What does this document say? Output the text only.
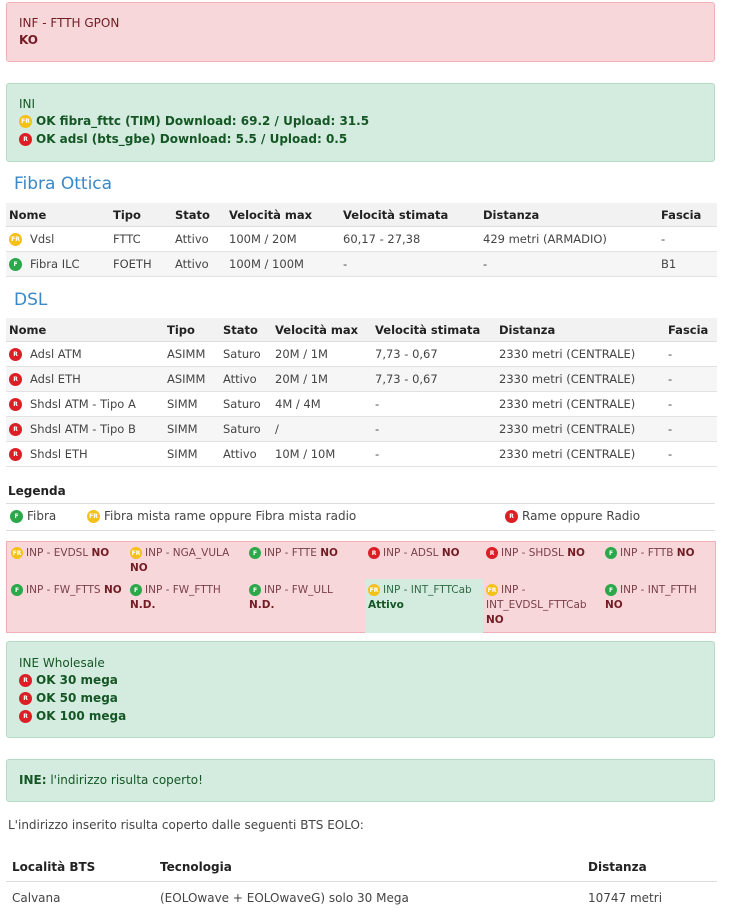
INF - FTTH GPON
KO
INI
FR OK fibra_fttc (TIM) Download: 69.2 / Upload: 31.5
R OK adsl (bts_gbe) Download: 5.5 / Upload: 0.5
Fibra Ottica
Nome	Tipo	Stato	Velocità max	Velocità stimata	Distanza	Fascia

FR Vdsl	FTTC	Attivo	100M / 20M	60,17 - 27,38	429 metri (ARMADIO)	-

F Fibra ILC	FOETH	Attivo	100M / 100M	-	-	B1
DSL
Nome	Tipo	Stato	Velocità max	Velocità stimata	Distanza	Fascia

R Adsl ATM	ASIMM	Saturo	20M / 1M	7,73 - 0,67	2330 metri (CENTRALE)	-

R Adsl ETH	ASIMM	Attivo	20M / 1M	7,73 - 0,67	2330 metri (CENTRALE)	-

R Shdsl ATM - Tipo A	SIMM	Saturo	4M / 4M	-	2330 metri (CENTRALE)	-

R Shdsl ATM - Tipo B	SIMM	Saturo	/	-	2330 metri (CENTRALE)	-

R Shdsl ETH	SIMM	Attivo	10M / 10M	-	2330 metri (CENTRALE)	-
Legenda
F Fibra	FR Fibra mista rame oppure Fibra mista radio	R Rame oppure Radio
FR INP - EVDSL NO	FR INP - NGA_VULA NO
F INP - FTTE NO	R INP - ADSL NO	R INP - SHDSL NO	F INP - FTTB NO
F INP - FW_FTTS NO	F INP - FW_FTTH N.D.
F INP - FW_ULL N.D.
FR INP - INT_FTTCab Attivo
FR INP - INT_EVDSL_FTTCab NO
F INP - INT_FTTH NO
INE Wholesale
R OK 30 mega
R OK 50 mega
R OK 100 mega
INE: l'indirizzo risulta coperto!
L'indirizzo inserito risulta coperto dalle seguenti BTS EOLO:
Località BTS	Tecnologia	Distanza
Calvana	(EOLOwave + EOLOwaveG) solo 30 Mega	10747 metri
